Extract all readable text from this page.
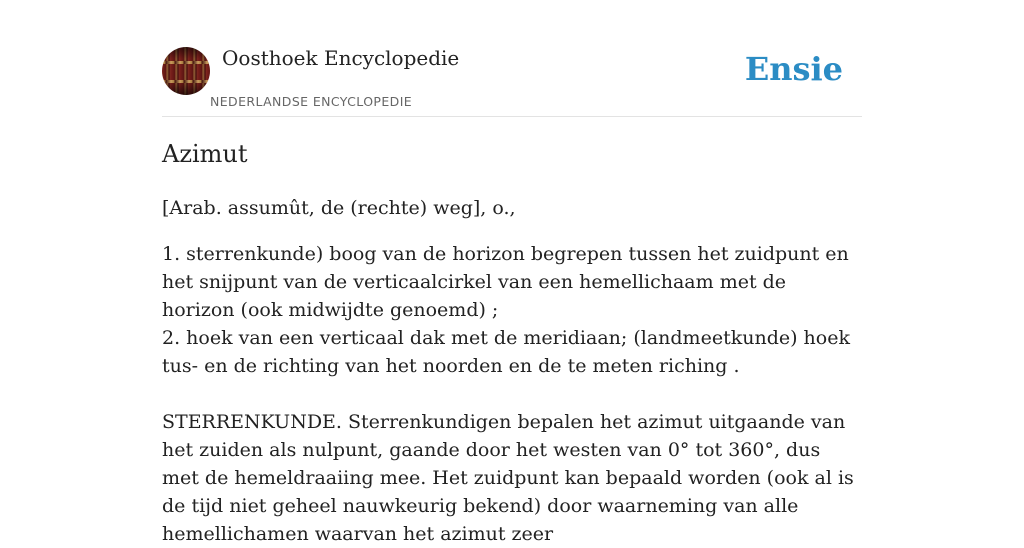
Oosthoek Encyclopedie
NEDERLANDSE ENCYCLOPEDIE
Ensie
Azimut

[Arab. assumût, de (rechte) weg], o.,

1. sterrenkunde) boog van de horizon begrepen tussen het zuidpunt en het snijpunt van de verticaalcirkel van een hemellichaam met de horizon (ook midwijdte genoemd) ;
2. hoek van een verticaal dak met de meridiaan; (landmeetkunde) hoek tus- en de richting van het noorden en de te meten riching .

STERRENKUNDE. Sterrenkundigen bepalen het azimut uitgaande van het zuiden als nulpunt, gaande door het westen van 0° tot 360°, dus met de hemeldraaiing mee. Het zuidpunt kan bepaald worden (ook al is de tijd niet geheel nauwkeurig bekend) door waarneming van alle hemellichamen waarvan het azimut zeer
